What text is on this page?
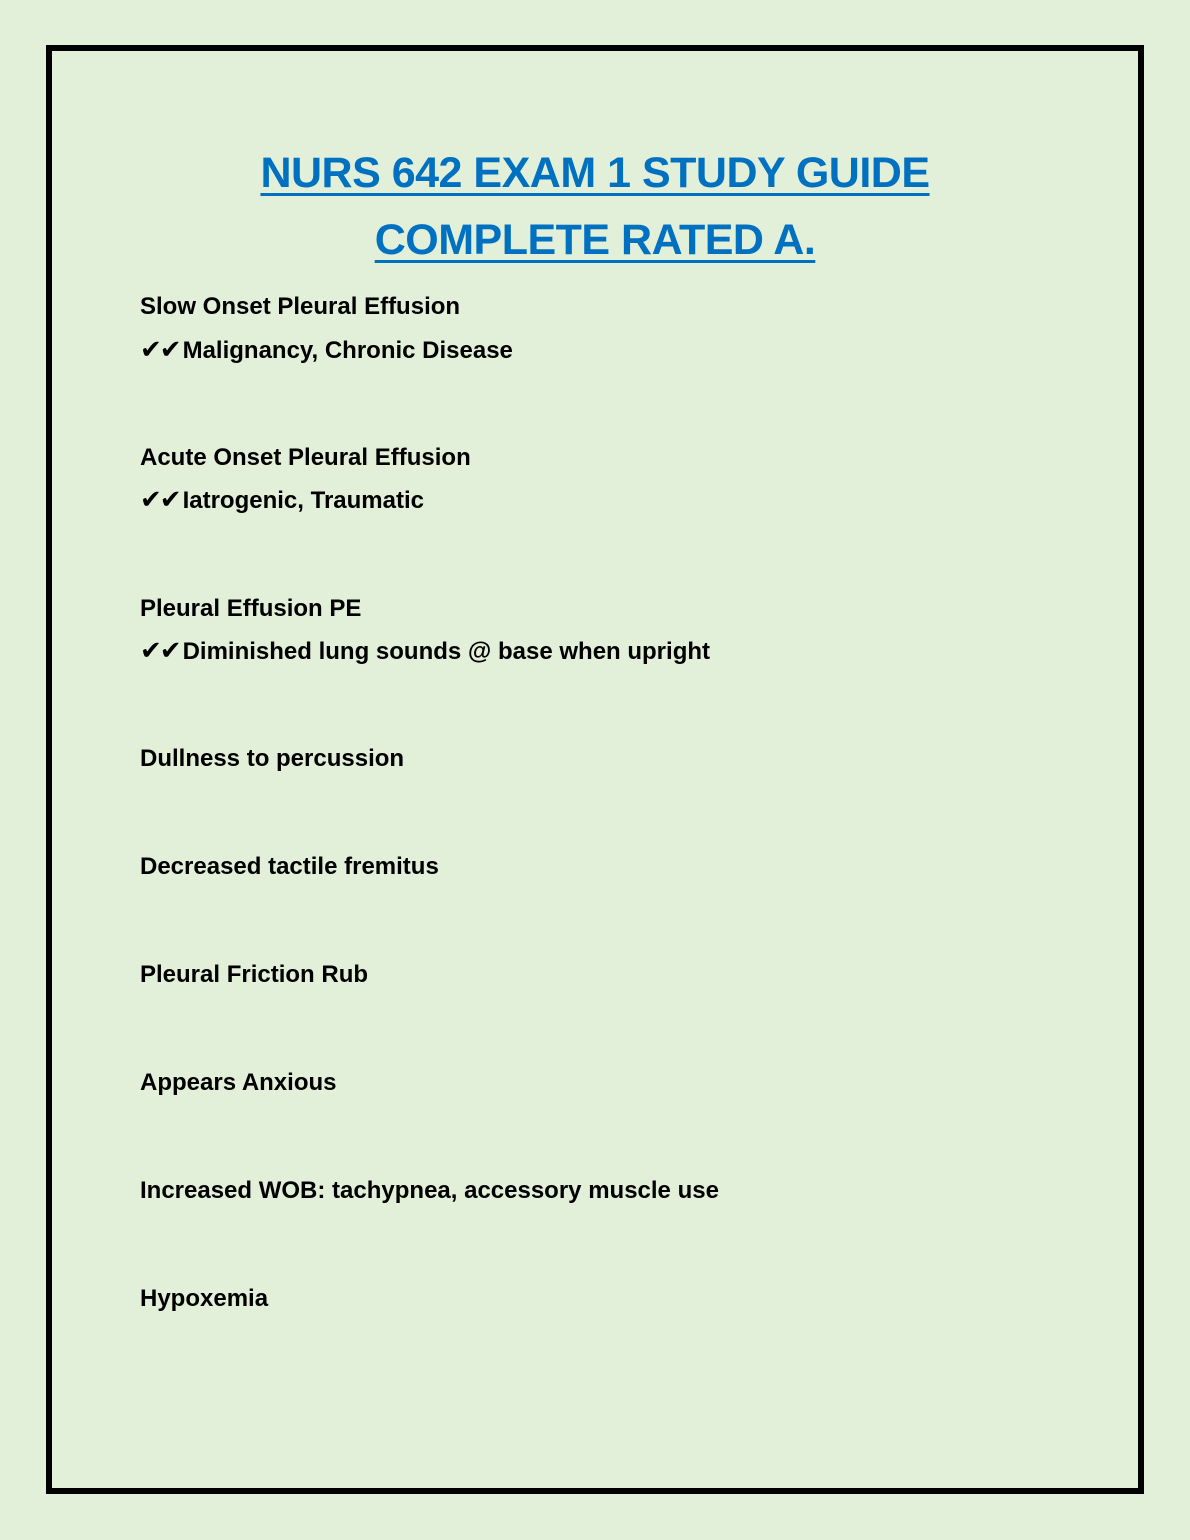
NURS 642 EXAM 1 STUDY GUIDE
COMPLETE RATED A.
Slow Onset Pleural Effusion
✔✔ Malignancy, Chronic Disease
Acute Onset Pleural Effusion
✔✔ Iatrogenic, Traumatic
Pleural Effusion PE
✔✔ Diminished lung sounds @ base when upright
Dullness to percussion
Decreased tactile fremitus
Pleural Friction Rub
Appears Anxious
Increased WOB: tachypnea, accessory muscle use
Hypoxemia
